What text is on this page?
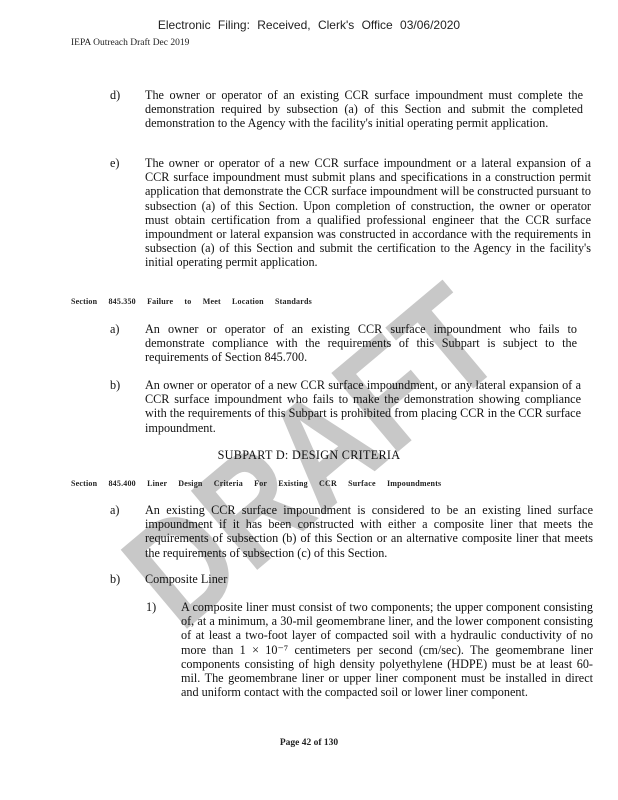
Electronic Filing: Received, Clerk's Office 03/06/2020
IEPA Outreach Draft Dec 2019
DRAFT
d)	The owner or operator of an existing CCR surface impoundment must complete the demonstration required by subsection (a) of this Section and submit the completed demonstration to the Agency with the facility's initial operating permit application.
e)	The owner or operator of a new CCR surface impoundment or a lateral expansion of a CCR surface impoundment must submit plans and specifications in a construction permit application that demonstrate the CCR surface impoundment will be constructed pursuant to subsection (a) of this Section. Upon completion of construction, the owner or operator must obtain certification from a qualified professional engineer that the CCR surface impoundment or lateral expansion was constructed in accordance with the requirements in subsection (a) of this Section and submit the certification to the Agency in the facility's initial operating permit application.
Section 845.350 Failure to Meet Location Standards
a)	An owner or operator of an existing CCR surface impoundment who fails to demonstrate compliance with the requirements of this Subpart is subject to the requirements of Section 845.700.
b)	An owner or operator of a new CCR surface impoundment, or any lateral expansion of a CCR surface impoundment who fails to make the demonstration showing compliance with the requirements of this Subpart is prohibited from placing CCR in the CCR surface impoundment.
SUBPART D: DESIGN CRITERIA
Section 845.400 Liner Design Criteria For Existing CCR Surface Impoundments
a)	An existing CCR surface impoundment is considered to be an existing lined surface impoundment if it has been constructed with either a composite liner that meets the requirements of subsection (b) of this Section or an alternative composite liner that meets the requirements of subsection (c) of this Section.
b)	Composite Liner
1)	A composite liner must consist of two components; the upper component consisting of, at a minimum, a 30-mil geomembrane liner, and the lower component consisting of at least a two-foot layer of compacted soil with a hydraulic conductivity of no more than 1 × 10⁻⁷ centimeters per second (cm/sec). The geomembrane liner components consisting of high density polyethylene (HDPE) must be at least 60-mil. The geomembrane liner or upper liner component must be installed in direct and uniform contact with the compacted soil or lower liner component.
Page 42 of 130
